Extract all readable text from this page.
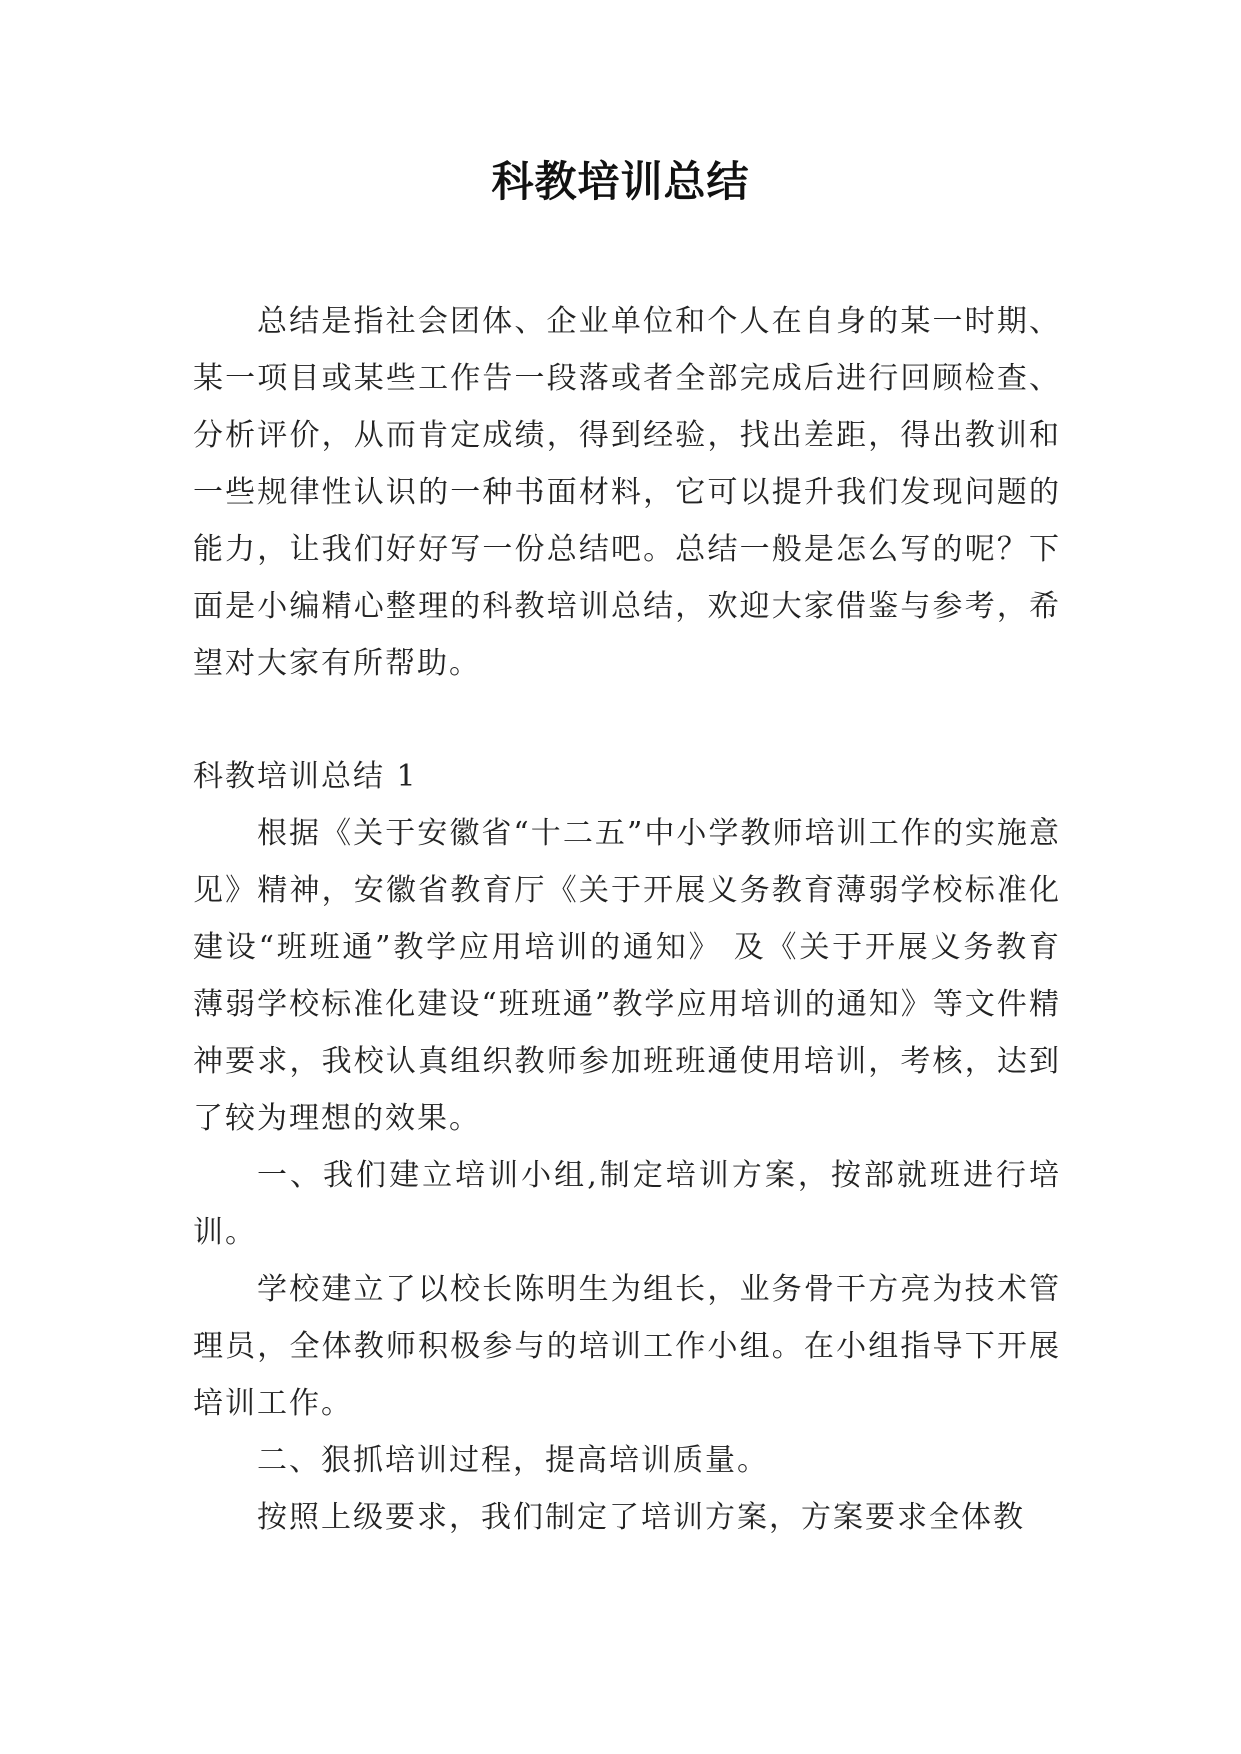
科教培训总结

总结是指社会团体、企业单位和个人在自身的某一时期、某一项目或某些工作告一段落或者全部完成后进行回顾检查、分析评价，从而肯定成绩，得到经验，找出差距，得出教训和一些规律性认识的一种书面材料，它可以提升我们发现问题的能力，让我们好好写一份总结吧。总结一般是怎么写的呢？下面是小编精心整理的科教培训总结，欢迎大家借鉴与参考，希望对大家有所帮助。

科教培训总结 1

根据《关于安徽省“十二五”中小学教师培训工作的实施意见》精神，安徽省教育厅《关于开展义务教育薄弱学校标准化建设“班班通”教学应用培训的通知》 及《关于开展义务教育薄弱学校标准化建设“班班通”教学应用培训的通知》等文件精神要求，我校认真组织教师参加班班通使用培训，考核，达到了较为理想的效果。

一、我们建立培训小组,制定培训方案，按部就班进行培训。

学校建立了以校长陈明生为组长，业务骨干方亮为技术管理员，全体教师积极参与的培训工作小组。在小组指导下开展培训工作。

二、狠抓培训过程，提高培训质量。

按照上级要求，我们制定了培训方案，方案要求全体教
